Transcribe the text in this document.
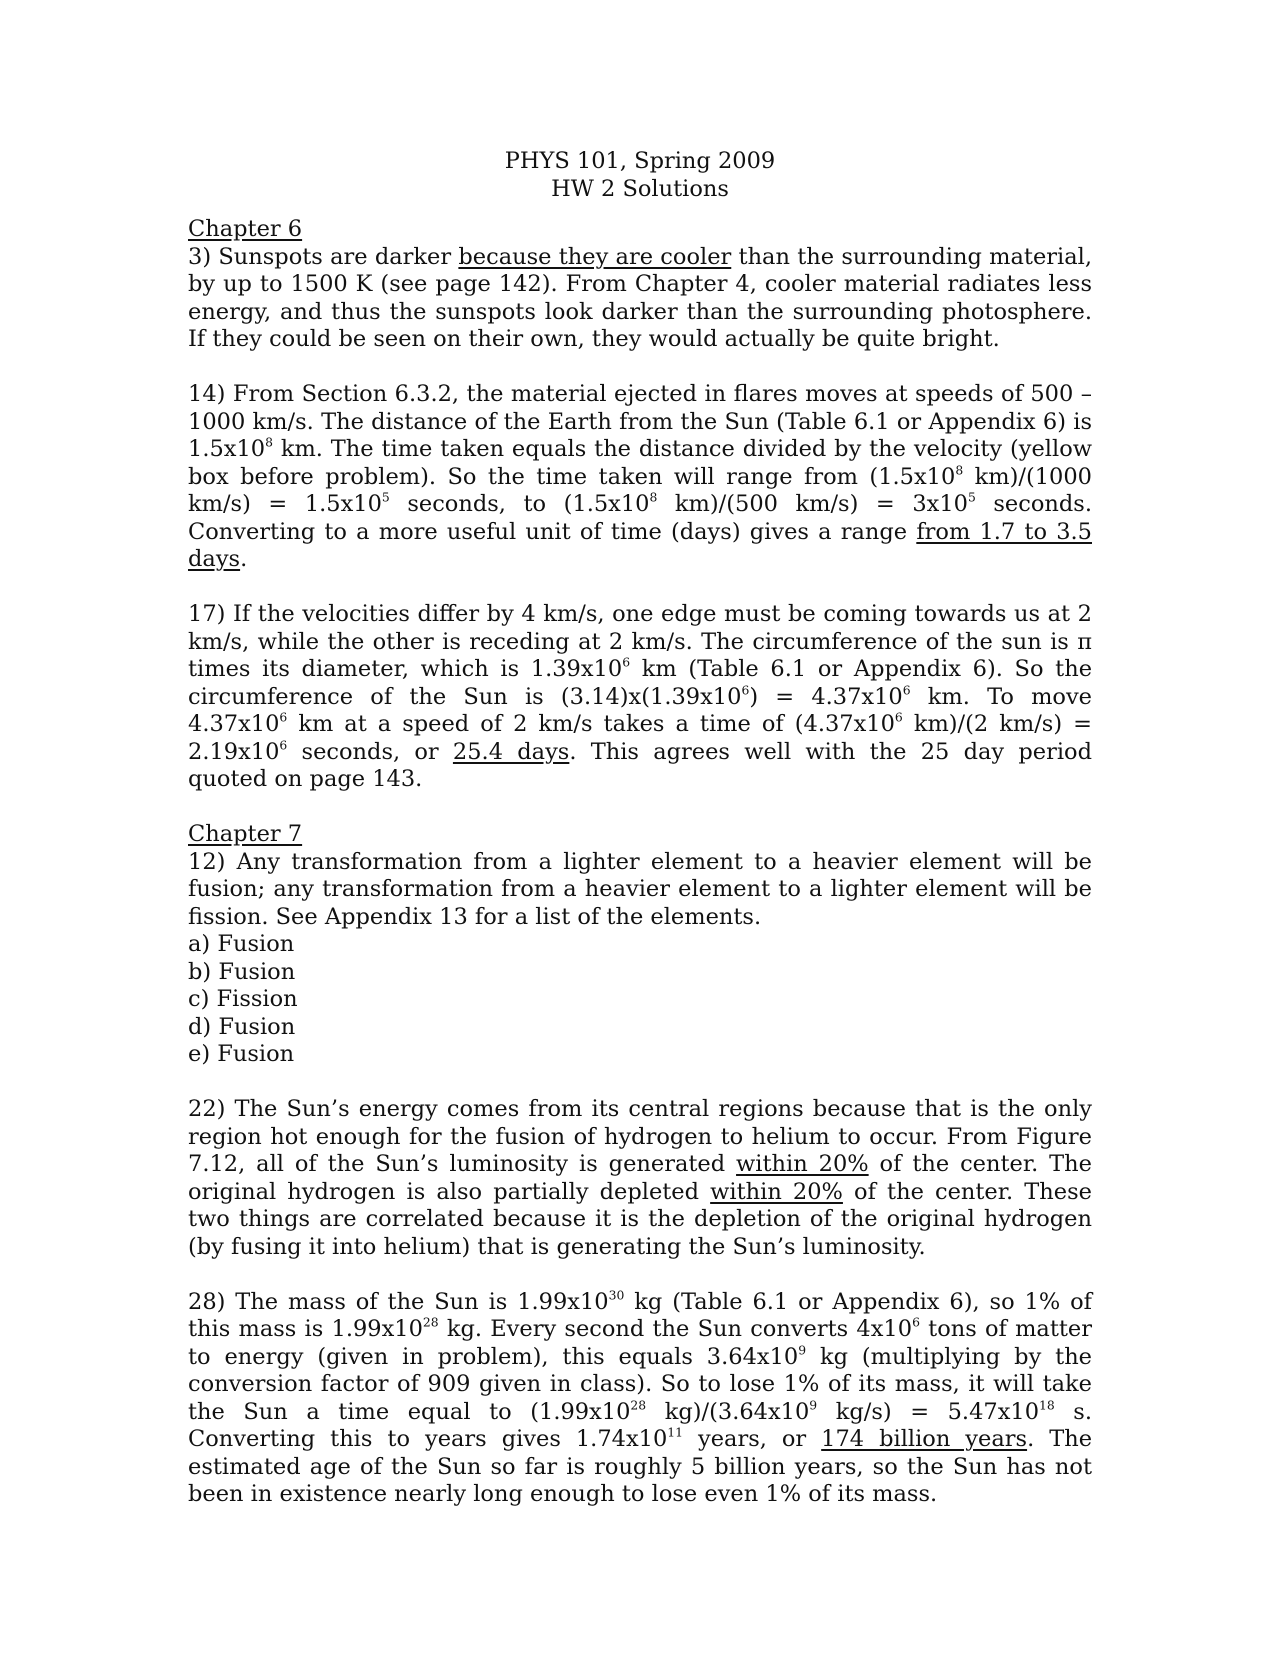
PHYS 101, Spring 2009
HW 2 Solutions
Chapter 6

3) Sunspots are darker because they are cooler than the surrounding material, by up to 1500 K (see page 142). From Chapter 4, cooler material radiates less energy, and thus the sunspots look darker than the surrounding photosphere. If they could be seen on their own, they would actually be quite bright.

14) From Section 6.3.2, the material ejected in flares moves at speeds of 500 – 1000 km/s. The distance of the Earth from the Sun (Table 6.1 or Appendix 6) is $1.5x10^8$ km. The time taken equals the distance divided by the velocity (yellow box before problem). So the time taken will range from ($1.5x10^8$ km)/(1000 $km/s) = 1.5x10^5$ seconds, to ($1.5x10^8$ km)/(500 $km/s) = 3x10^5$ seconds. Converting to a more useful unit of time (days) gives a range from 1.7 to 3.5 days.

17) If the velocities differ by 4 km/s, one edge must be coming towards us at 2 km/s, while the other is receding at 2 km/s. The circumference of the sun is π times its diameter, which is $1.39x10^6$ km (Table 6.1 or Appendix 6). So the circumference of the Sun is $(3.14)x(1.39x10^6) = 4.37x10^6$ km. To move $4.37x10^6$ km at a speed of 2 km/s takes a time of ($4.37x10^6$ km)/(2 $km/s) = 2.19x10^6$ seconds, or 25.4 days. This agrees well with the 25 day period quoted on page 143.

Chapter 7

12) Any transformation from a lighter element to a heavier element will be fusion; any transformation from a heavier element to a lighter element will be fission. See Appendix 13 for a list of the elements.

a) Fusion
b) Fusion
c) Fission
d) Fusion
e) Fusion

22) The Sun’s energy comes from its central regions because that is the only region hot enough for the fusion of hydrogen to helium to occur. From Figure 7.12, all of the Sun’s luminosity is generated within 20% of the center. The original hydrogen is also partially depleted within 20% of the center. These two things are correlated because it is the depletion of the original hydrogen (by fusing it into helium) that is generating the Sun’s luminosity.

28) The mass of the Sun is $1.99x10^{30}$ kg (Table 6.1 or Appendix 6), so 1% of this mass is $1.99x10^{28}$ kg. Every second the Sun converts $4x10^6$ tons of matter to energy (given in problem), this equals $3.64x10^9$ kg (multiplying by the conversion factor of 909 given in class). So to lose 1% of its mass, it will take the Sun a time equal to ($1.99x10^{28}$ $kg)/(3.64x10^9$ $kg/s) = 5.47x10^{18}$ s. Converting this to years gives $1.74x10^{11}$ years, or 174 billion years. The estimated age of the Sun so far is roughly 5 billion years, so the Sun has not been in existence nearly long enough to lose even 1% of its mass.
